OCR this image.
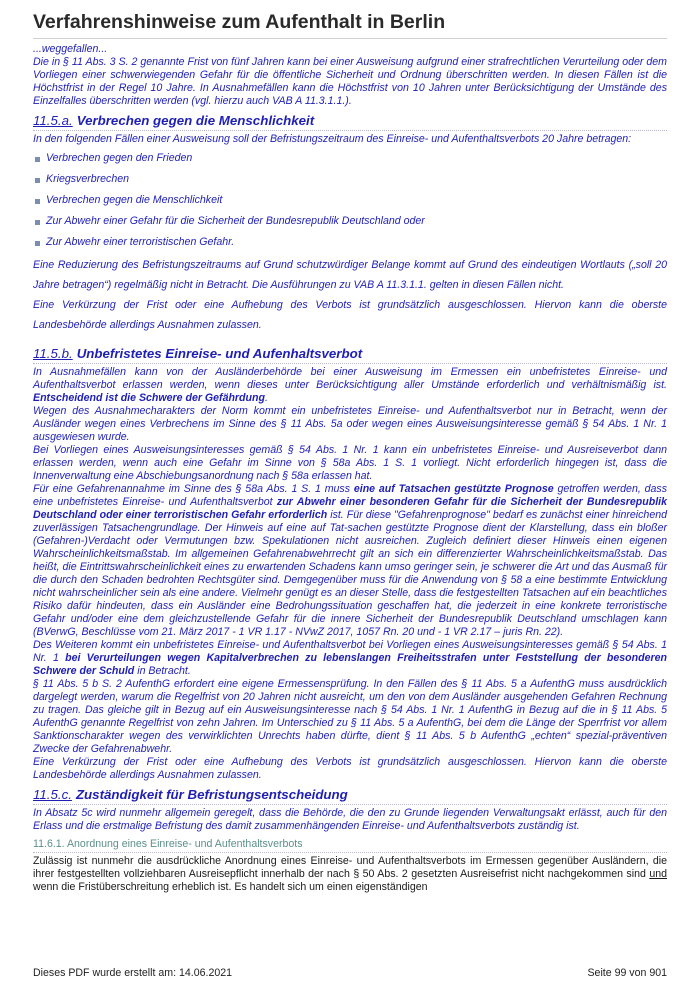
Verfahrenshinweise zum Aufenthalt in Berlin

...weggefallen...

Die in § 11 Abs. 3 S. 2 genannte Frist von fünf Jahren kann bei einer Ausweisung aufgrund einer strafrechtlichen Verurteilung oder dem Vorliegen einer schwerwiegenden Gefahr für die öffentliche Sicherheit und Ordnung überschritten werden. In diesen Fällen ist die Höchstfrist in der Regel 10 Jahre. In Ausnahmefällen kann die Höchstfrist von 10 Jahren unter Berücksichtigung der Umstände des Einzelfalles überschritten werden (vgl. hierzu auch VAB A 11.3.1.1.).

11.5.a. Verbrechen gegen die Menschlichkeit

In den folgenden Fällen einer Ausweisung soll der Befristungszeitraum des Einreise- und Aufenthaltsverbots 20 Jahre betragen:

Verbrechen gegen den Frieden
Kriegsverbrechen
Verbrechen gegen die Menschlichkeit
Zur Abwehr einer Gefahr für die Sicherheit der Bundesrepublik Deutschland oder
Zur Abwehr einer terroristischen Gefahr.

Eine Reduzierung des Befristungszeitraums auf Grund schutzwürdiger Belange kommt auf Grund des eindeutigen Wortlauts („soll 20 Jahre betragen“) regelmäßig nicht in Betracht. Die Ausführungen zu VAB A 11.3.1.1. gelten in diesen Fällen nicht.

Eine Verkürzung der Frist oder eine Aufhebung des Verbots ist grundsätzlich ausgeschlossen. Hiervon kann die oberste Landesbehörde allerdings Ausnahmen zulassen.

11.5.b. Unbefristetes Einreise- und Aufenhaltsverbot

In Ausnahmefällen kann von der Ausländerbehörde bei einer Ausweisung im Ermessen ein unbefristetes Einreise- und Aufenthaltsverbot erlassen werden, wenn dieses unter Berücksichtigung aller Umstände erforderlich und verhältnismäßig ist. Entscheidend ist die Schwere der Gefährdung.

Wegen des Ausnahmecharakters der Norm kommt ein unbefristetes Einreise- und Aufenthaltsverbot nur in Betracht, wenn der Ausländer wegen eines Verbrechens im Sinne des § 11 Abs. 5a oder wegen eines Ausweisungsinteresse gemäß § 54 Abs. 1 Nr. 1 ausgewiesen wurde.

Bei Vorliegen eines Ausweisungsinteresses gemäß § 54 Abs. 1 Nr. 1 kann ein unbefristetes Einreise- und Ausreiseverbot dann erlassen werden, wenn auch eine Gefahr im Sinne von § 58a Abs. 1 S. 1 vorliegt. Nicht erforderlich hingegen ist, dass die Innenverwaltung eine Abschiebungsanordnung nach § 58a erlassen hat.

Für eine Gefahrenannahme im Sinne des § 58a Abs. 1 S. 1 muss eine auf Tatsachen gestützte Prognose getroffen werden, dass eine unbefristetes Einreise- und Aufenthaltsverbot zur Abwehr einer besonderen Gefahr für die Sicherheit der Bundesrepublik Deutschland oder einer terroristischen Gefahr erforderlich ist. Für diese "Gefahrenprognose" bedarf es zunächst einer hinreichend zuverlässigen Tatsachengrundlage. Der Hinweis auf eine auf Tat-sachen gestützte Prognose dient der Klarstellung, dass ein bloßer (Gefahren-)Verdacht oder Vermutungen bzw. Spekulationen nicht ausreichen. Zugleich definiert dieser Hinweis einen eigenen Wahrscheinlichkeitsmaßstab. Im allgemeinen Gefahrenabwehrrecht gilt an sich ein differenzierter Wahrscheinlichkeitsmaßstab. Das heißt, die Eintrittswahrscheinlichkeit eines zu erwartenden Schadens kann umso geringer sein, je schwerer die Art und das Ausmaß für die durch den Schaden bedrohten Rechtsgüter sind. Demgegenüber muss für die Anwendung von § 58 a eine bestimmte Entwicklung nicht wahrscheinlicher sein als eine andere. Vielmehr genügt es an dieser Stelle, dass die festgestellten Tatsachen auf ein beachtliches Risiko dafür hindeuten, dass ein Ausländer eine Bedrohungssituation geschaffen hat, die jederzeit in eine konkrete terroristische Gefahr und/oder eine dem gleichzustellende Gefahr für die innere Sicherheit der Bundesrepublik Deutschland umschlagen kann (BVerwG, Beschlüsse vom 21. März 2017 - 1 VR 1.17 - NVwZ 2017, 1057 Rn. 20 und - 1 VR 2.17 – juris Rn. 22).

Des Weiteren kommt ein unbefristetes Einreise- und Aufenthaltsverbot bei Vorliegen eines Ausweisungsinteresses gemäß § 54 Abs. 1 Nr. 1 bei Verurteilungen wegen Kapitalverbrechen zu lebenslangen Freiheitsstrafen unter Feststellung der besonderen Schwere der Schuld in Betracht.

§ 11 Abs. 5 b S. 2 AufenthG erfordert eine eigene Ermessensprüfung. In den Fällen des § 11 Abs. 5 a AufenthG muss ausdrücklich dargelegt werden, warum die Regelfrist von 20 Jahren nicht ausreicht, um den von dem Ausländer ausgehenden Gefahren Rechnung zu tragen. Das gleiche gilt in Bezug auf ein Ausweisungsinteresse nach § 54 Abs. 1 Nr. 1 AufenthG in Bezug auf die in § 11 Abs. 5 AufenthG genannte Regelfrist von zehn Jahren. Im Unterschied zu § 11 Abs. 5 a AufenthG, bei dem die Länge der Sperrfrist vor allem Sanktionscharakter wegen des verwirklichten Unrechts haben dürfte, dient § 11 Abs. 5 b AufenthG „echten“ spezial-präventiven Zwecke der Gefahrenabwehr.

Eine Verkürzung der Frist oder eine Aufhebung des Verbots ist grundsätzlich ausgeschlossen. Hiervon kann die oberste Landesbehörde allerdings Ausnahmen zulassen.

11.5.c. Zuständigkeit für Befristungsentscheidung

In Absatz 5c wird nunmehr allgemein geregelt, dass die Behörde, die den zu Grunde liegenden Verwaltungsakt erlässt, auch für den Erlass und die erstmalige Befristung des damit zusammenhängenden Einreise- und Aufenthaltsverbots zuständig ist.

11.6.1. Anordnung eines Einreise- und Aufenthaltsverbots

Zulässig ist nunmehr die ausdrückliche Anordnung eines Einreise- und Aufenthaltsverbots im Ermessen gegenüber Ausländern, die ihrer festgestellten vollziehbaren Ausreisepflicht innerhalb der nach § 50 Abs. 2 gesetzten Ausreisefrist nicht nachgekommen sind und wenn die Fristüberschreitung erheblich ist. Es handelt sich um einen eigenständigen

Dieses PDF wurde erstellt am: 14.06.2021	Seite 99 von 901
